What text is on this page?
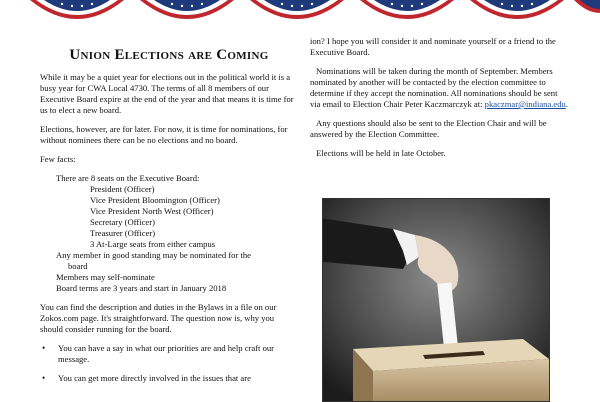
Union Elections are Coming

While it may be a quiet year for elections out in the political world it is a busy year for CWA Local 4730. The terms of all 8 members of our Executive Board expire at the end of the year and that means it is time for us to elect a new board.

Elections, however, are for later. For now, it is time for nominations, for without nominees there can be no elections and no board.

Few facts:

There are 8 seats on the Executive Board:
President (Officer)
Vice President Bloomington (Officer)
Vice President North West (Officer)
Secretary (Officer)
Treasurer (Officer)
3 At-Large seats from either campus
Any member in good standing may be nominated for the
board
Members may self-nominate
Board terms are 3 years and start in January 2018

You can find the description and duties in the Bylaws in a file on our Zokos.com page. It's straightforward. The question now is, why you should consider running for the board.

• You can have a say in what our priorities are and help craft our message.
• You can get more directly involved in the issues that are

ion? I hope you will consider it and nominate yourself or a friend to the Executive Board.

Nominations will be taken during the month of September. Members nominated by another will be contacted by the election committee to determine if they accept the nomination. All nominations should be sent via email to Election Chair Peter Kaczmarczyk at: pkaczmar@indiana.edu.

Any questions should also be sent to the Election Chair and will be answered by the Election Committee.

Elections will be held in late October.
